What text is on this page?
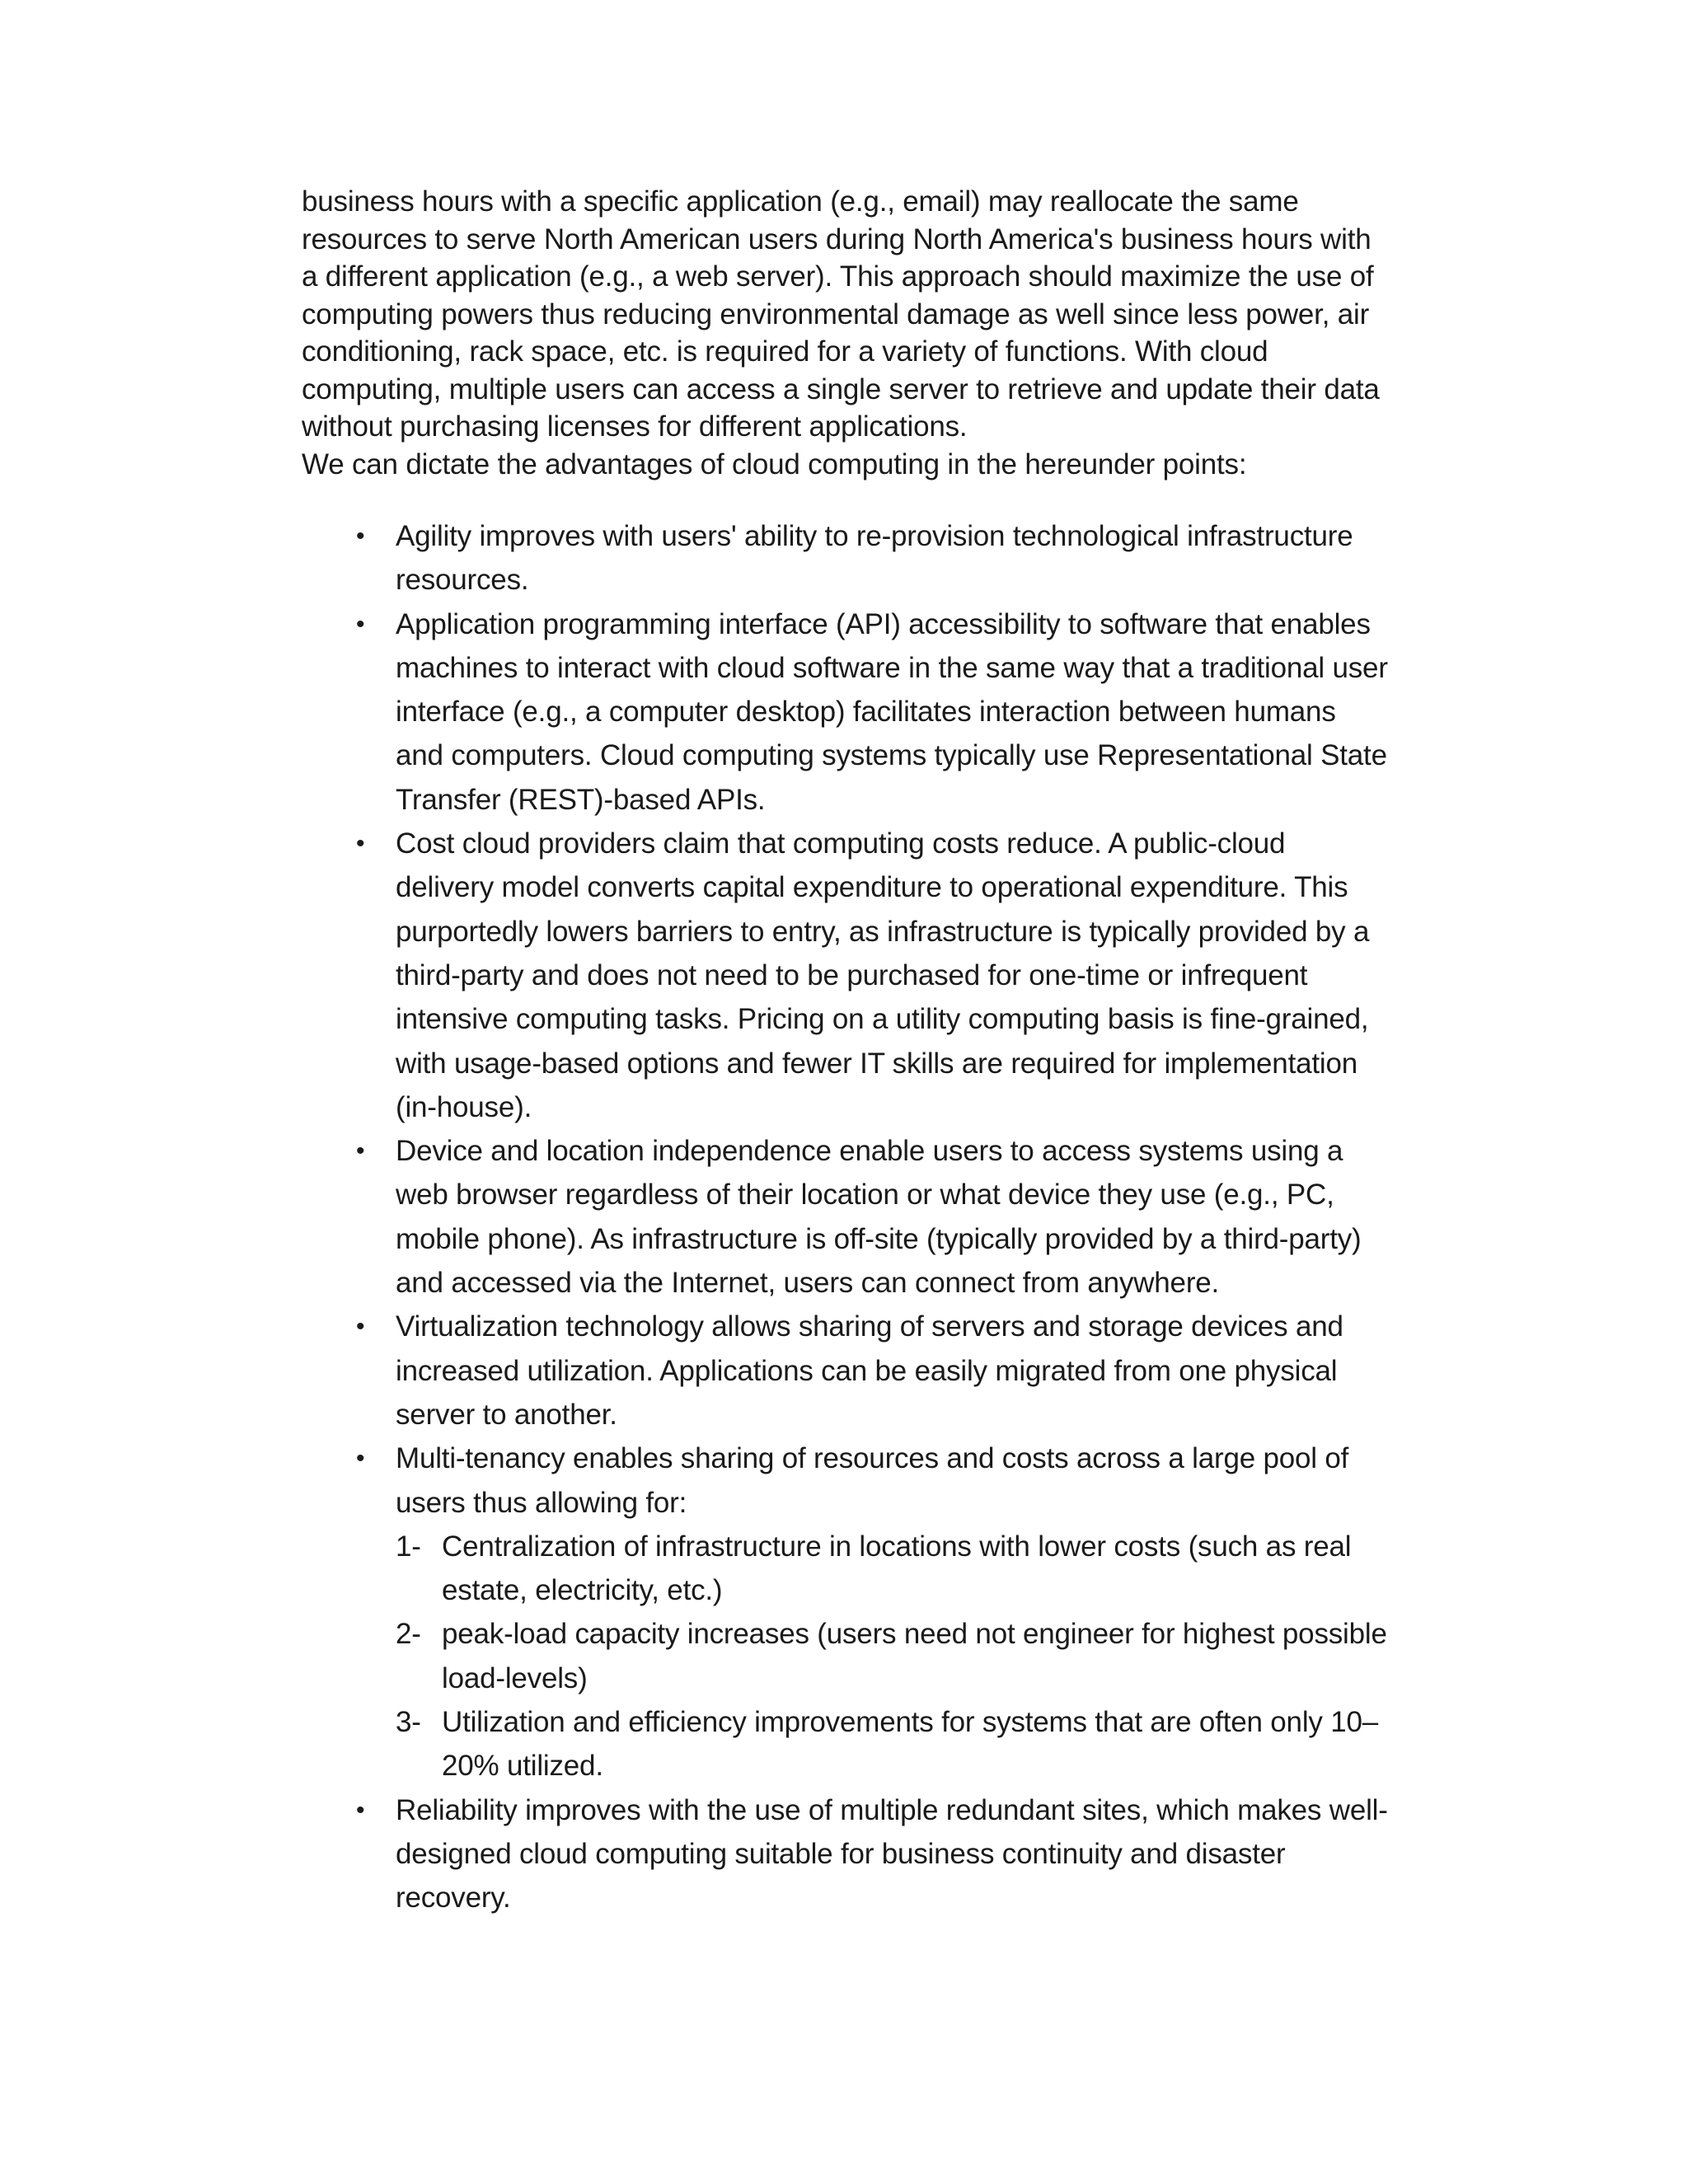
business hours with a specific application (e.g., email) may reallocate the same resources to serve North American users during North America's business hours with a different application (e.g., a web server). This approach should maximize the use of computing powers thus reducing environmental damage as well since less power, air conditioning, rack space, etc. is required for a variety of functions. With cloud computing, multiple users can access a single server to retrieve and update their data without purchasing licenses for different applications.

We can dictate the advantages of cloud computing in the hereunder points:

• Agility improves with users' ability to re-provision technological infrastructure resources.
• Application programming interface (API) accessibility to software that enables machines to interact with cloud software in the same way that a traditional user interface (e.g., a computer desktop) facilitates interaction between humans and computers. Cloud computing systems typically use Representational State Transfer (REST)-based APIs.
• Cost cloud providers claim that computing costs reduce. A public-cloud delivery model converts capital expenditure to operational expenditure. This purportedly lowers barriers to entry, as infrastructure is typically provided by a third-party and does not need to be purchased for one-time or infrequent intensive computing tasks. Pricing on a utility computing basis is fine-grained, with usage-based options and fewer IT skills are required for implementation (in-house).
• Device and location independence enable users to access systems using a web browser regardless of their location or what device they use (e.g., PC, mobile phone). As infrastructure is off-site (typically provided by a third-party) and accessed via the Internet, users can connect from anywhere.
• Virtualization technology allows sharing of servers and storage devices and increased utilization. Applications can be easily migrated from one physical server to another.
• Multi-tenancy enables sharing of resources and costs across a large pool of users thus allowing for:
1- Centralization of infrastructure in locations with lower costs (such as real estate, electricity, etc.)
2- peak-load capacity increases (users need not engineer for highest possible load-levels)
3- Utilization and efficiency improvements for systems that are often only 10–20% utilized.
• Reliability improves with the use of multiple redundant sites, which makes well-designed cloud computing suitable for business continuity and disaster recovery.
